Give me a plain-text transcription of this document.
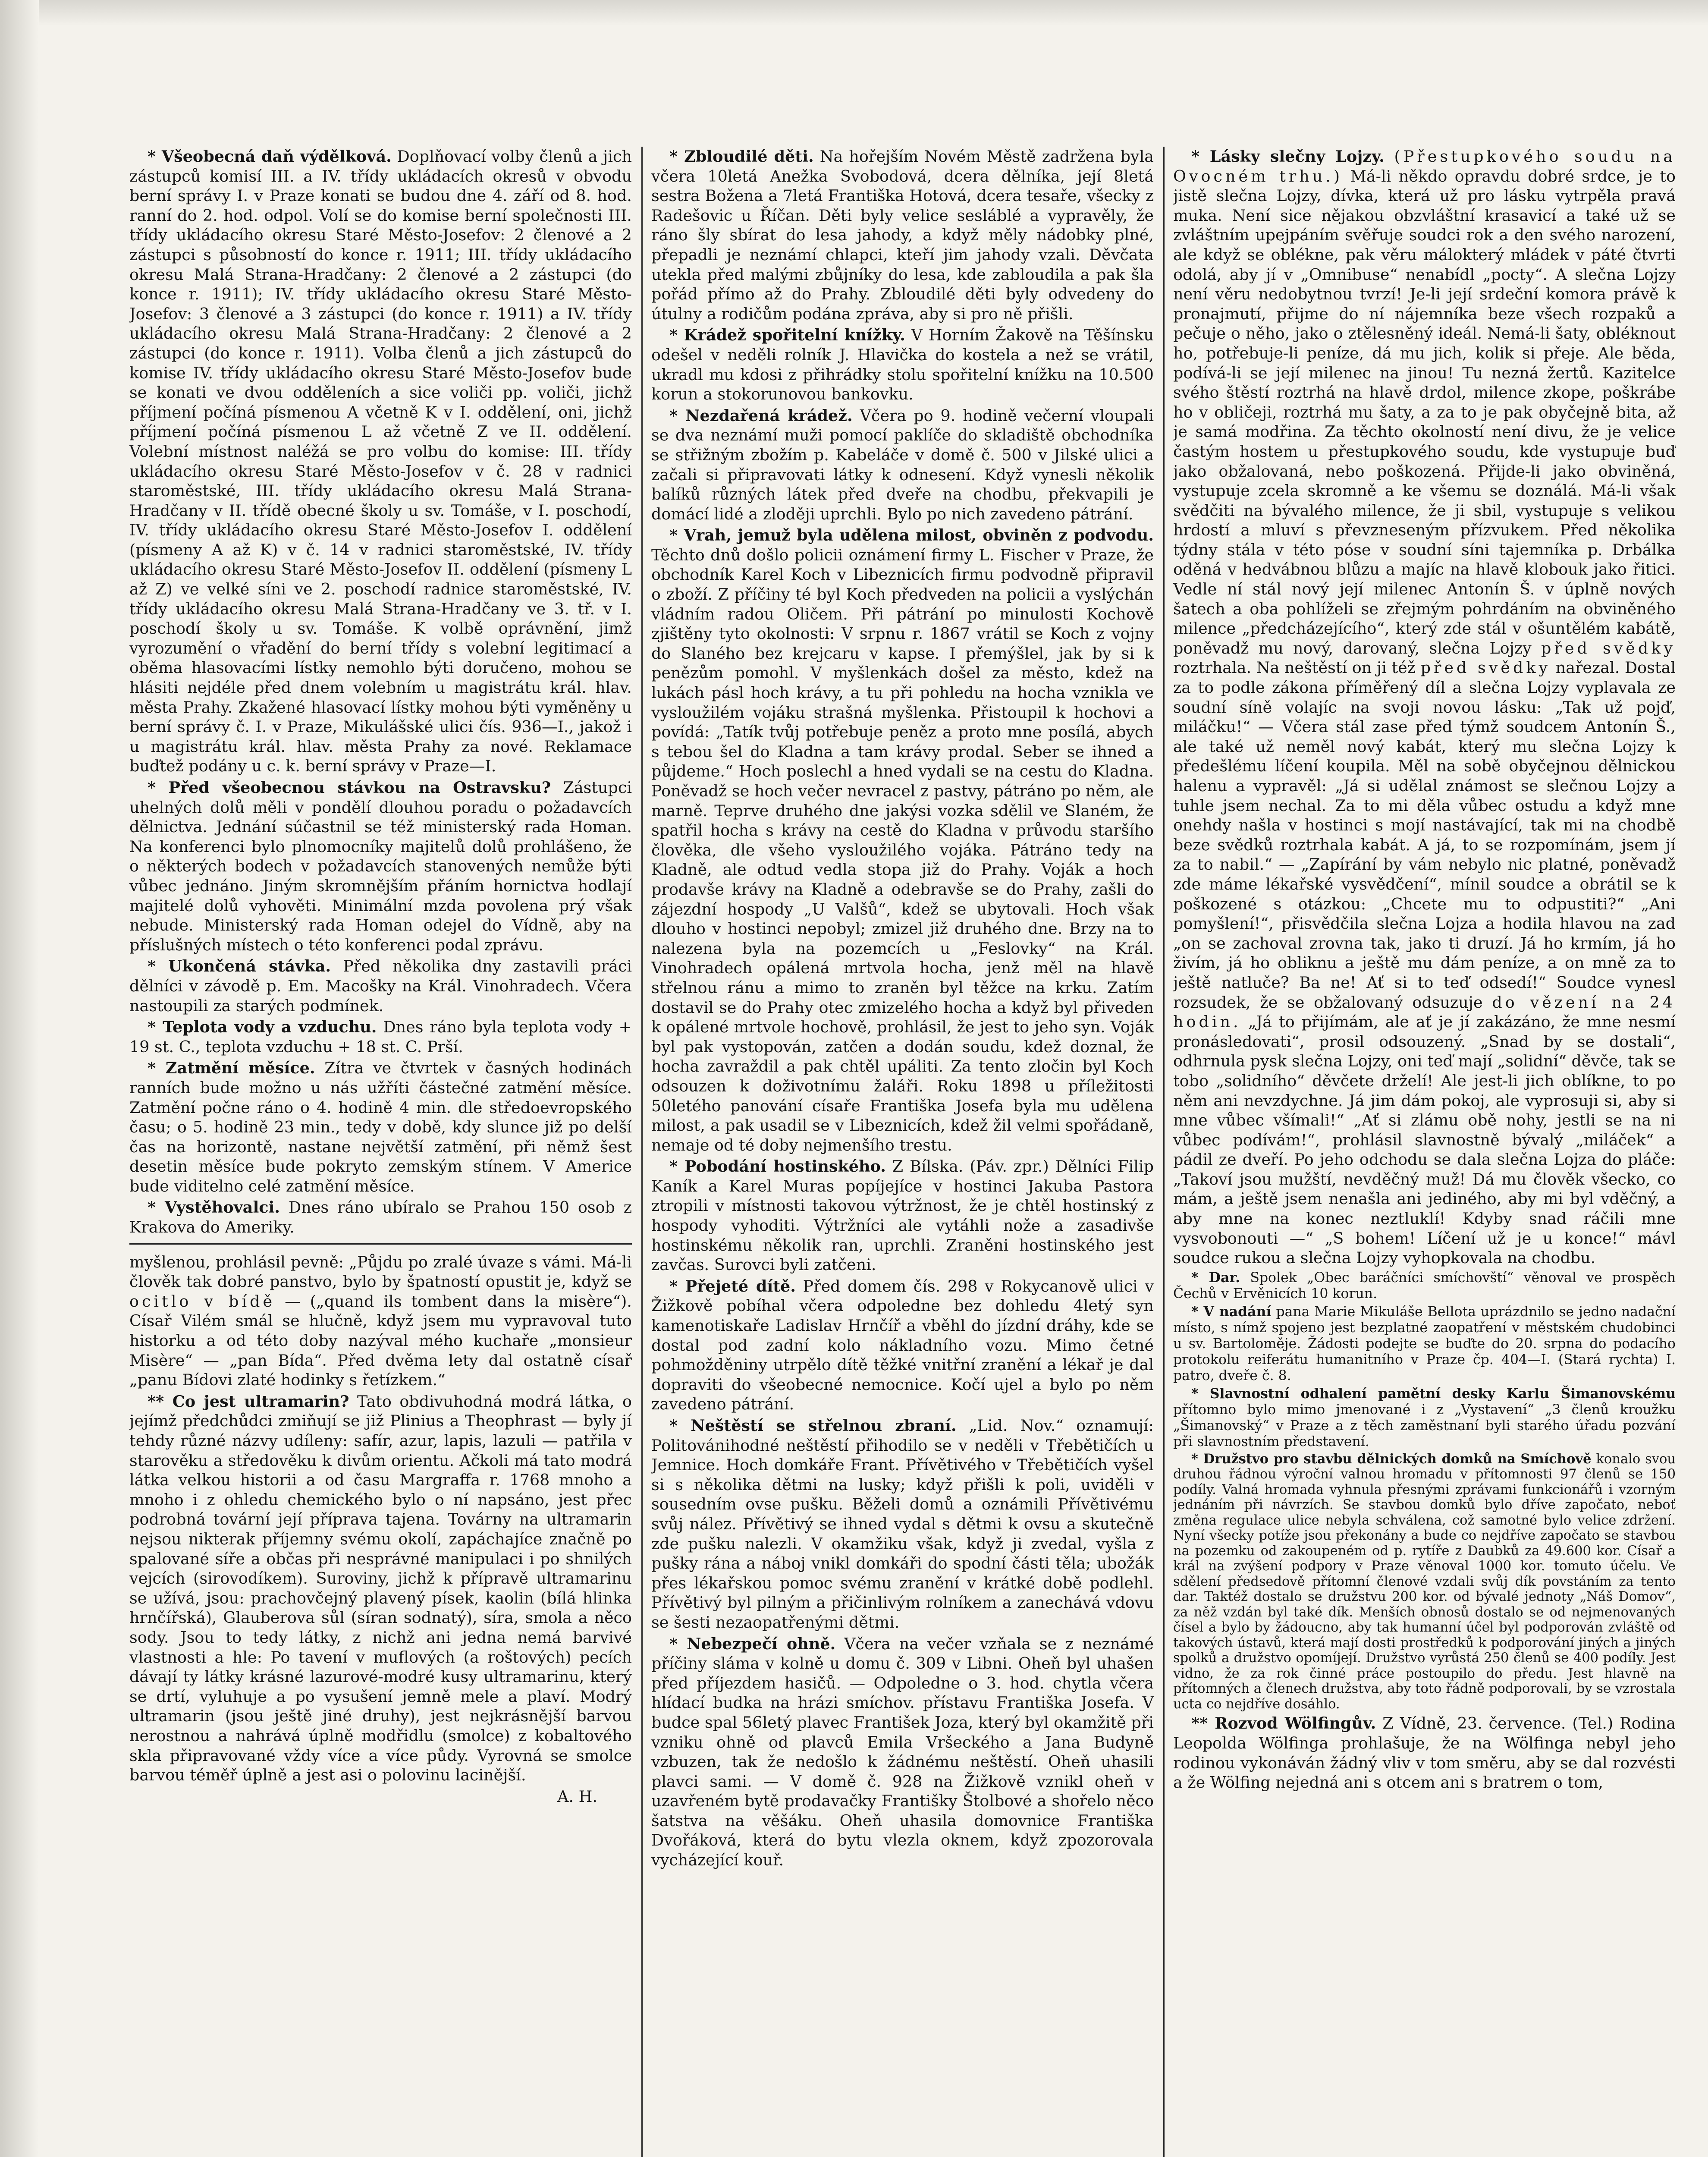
* Všeobecná daň výdělková. Doplňovací volby členů a jich zástupců komisí III. a IV. třídy ukládacích okresů v obvodu berní správy I. v Praze konati se budou dne 4. září od 8. hod. ranní do 2. hod. odpol. Volí se do komise berní společnosti III. třídy ukládacího okresu Staré Město-Josefov: 2 členové a 2 zástupci s působností do konce r. 1911; III. třídy ukládacího okresu Malá Strana-Hradčany: 2 členové a 2 zástupci (do konce r. 1911); IV. třídy ukládacího okresu Staré Město-Josefov: 3 členové a 3 zástupci (do konce r. 1911) a IV. třídy ukládacího okresu Malá Strana-Hradčany: 2 členové a 2 zástupci (do konce r. 1911). Volba členů a jich zástupců do komise IV. třídy ukládacího okresu Staré Město-Josefov bude se konati ve dvou odděleních a sice voliči pp. voliči, jichž příjmení počíná písmenou A včetně K v I. oddělení, oni, jichž příjmení počíná písmenou L až včetně Z ve II. oddělení. Volební místnost naléžá se pro volbu do komise: III. třídy ukládacího okresu Staré Město-Josefov v č. 28 v radnici staroměstské, III. třídy ukládacího okresu Malá Strana-Hradčany v II. třídě obecné školy u sv. Tomáše, v I. poschodí, IV. třídy ukládacího okresu Staré Město-Josefov I. oddělení (písmeny A až K) v č. 14 v radnici staroměstské, IV. třídy ukládacího okresu Staré Město-Josefov II. oddělení (písmeny L až Z) ve velké síni ve 2. poschodí radnice staroměstské, IV. třídy ukládacího okresu Malá Strana-Hradčany ve 3. tř. v I. poschodí školy u sv. Tomáše. K volbě oprávnění, jimž vyrozumění o vřadění do berní třídy s volební legitimací a oběma hlasovacími lístky nemohlo býti doručeno, mohou se hlásiti nejdéle před dnem volebním u magistrátu král. hlav. města Prahy. Zkažené hlasovací lístky mohou býti vyměněny u berní správy č. I. v Praze, Mikulášské ulici čís. 936—I., jakož i u magistrátu král. hlav. města Prahy za nové. Reklamace buďtež podány u c. k. berní správy v Praze—I.

* Před všeobecnou stávkou na Ostravsku? Zástupci uhelných dolů měli v pondělí dlouhou poradu o požadavcích dělnictva. Jednání súčastnil se též ministerský rada Homan. Na konferenci bylo plnomocníky majitelů dolů prohlášeno, že o některých bodech v požadavcích stanovených nemůže býti vůbec jednáno. Jiným skromnějším přáním hornictva hodlají majitelé dolů vyhověti. Minimální mzda povolena prý však nebude. Ministerský rada Homan odejel do Vídně, aby na příslušných místech o této konferenci podal zprávu.

* Ukončená stávka. Před několika dny zastavili práci dělníci v závodě p. Em. Macošky na Král. Vinohradech. Včera nastoupili za starých podmínek.

* Teplota vody a vzduchu. Dnes ráno byla teplota vody + 19 st. C., teplota vzduchu + 18 st. C. Prší.

* Zatmění měsíce. Zítra ve čtvrtek v časných hodinách ranních bude možno u nás užříti částečné zatmění měsíce. Zatmění počne ráno o 4. hodině 4 min. dle středoevropského času; o 5. hodině 23 min., tedy v době, kdy slunce již po delší čas na horizontě, nastane největší zatmění, při němž šest desetin měsíce bude pokryto zemským stínem. V Americe bude viditelno celé zatmění měsíce.

* Vystěhovalci. Dnes ráno ubíralo se Prahou 150 osob z Krakova do Ameriky.

myšlenou, prohlásil pevně: „Půjdu po zralé úvaze s vámi. Má-li člověk tak dobré panstvo, bylo by špatností opustit je, když se ocitlo v bídě — („quand ils tombent dans la misère“). Císař Vilém smál se hlučně, když jsem mu vypravoval tuto historku a od této doby nazýval mého kuchaře „monsieur Misère“ — „pan Bída“. Před dvěma lety dal ostatně císař „panu Bídovi zlaté hodinky s řetízkem.“

** Co jest ultramarin? Tato obdivuhodná modrá látka, o jejímž předchůdci zmiňují se již Plinius a Theophrast — byly jí tehdy různé názvy udíleny: safír, azur, lapis, lazuli — patřila v starověku a středověku k divům orientu. Ačkoli má tato modrá látka velkou historii a od času Margraffa r. 1768 mnoho a mnoho i z ohledu chemického bylo o ní napsáno, jest přec podrobná tovární její příprava tajena. Továrny na ultramarin nejsou nikterak příjemny svému okolí, zapáchajíce značně po spalované síře a občas při nesprávné manipulaci i po shnilých vejcích (sirovodíkem). Suroviny, jichž k přípravě ultramarinu se užívá, jsou: prachovčejný plavený písek, kaolin (bílá hlinka hrnčířská), Glauberova sůl (síran sodnatý), síra, smola a něco sody. Jsou to tedy látky, z nichž ani jedna nemá barvivé vlastnosti a hle: Po tavení v muflových (a roštových) pecích dávají ty látky krásné lazurové-modré kusy ultramarinu, který se drtí, vyluhuje a po vysušení jemně mele a plaví. Modrý ultramarin (jsou ještě jiné druhy), jest nejkrásnější barvou nerostnou a nahrává úplně modřidlu (smolce) z kobaltového skla připravované vždy více a více půdy. Vyrovná se smolce barvou téměř úplně a jest asi o polovinu lacinější.

A. H.

* Zbloudilé děti. Na hořejším Novém Městě zadržena byla včera 10letá Anežka Svobodová, dcera dělníka, její 8letá sestra Božena a 7letá Františka Hotová, dcera tesaře, všecky z Radešovic u Říčan. Děti byly velice sesláblé a vypravěly, že ráno šly sbírat do lesa jahody, a když měly nádobky plné, přepadli je neznámí chlapci, kteří jim jahody vzali. Děvčata utekla před malými zbůjníky do lesa, kde zabloudila a pak šla pořád přímo až do Prahy. Zbloudilé děti byly odvedeny do útulny a rodičům podána zpráva, aby si pro ně přišli.

* Krádež spořitelní knížky. V Horním Žakově na Těšínsku odešel v neděli rolník J. Hlavička do kostela a než se vrátil, ukradl mu kdosi z přihrádky stolu spořitelní knížku na 10.500 korun a stokorunovou bankovku.

* Nezdařená krádež. Včera po 9. hodině večerní vloupali se dva neznámí muži pomocí paklíče do skladiště obchodníka se střižným zbožím p. Kabeláče v domě č. 500 v Jilské ulici a začali si připravovati látky k odnesení. Když vynesli několik balíků různých látek před dveře na chodbu, překvapili je domácí lidé a zloději uprchli. Bylo po nich zavedeno pátrání.

* Vrah, jemuž byla udělena milost, obviněn z podvodu. Těchto dnů došlo policii oznámení firmy L. Fischer v Praze, že obchodník Karel Koch v Libeznicích firmu podvodně připravil o zboží. Z příčiny té byl Koch předveden na policii a vyslýchán vládním radou Oličem. Při pátrání po minulosti Kochově zjištěny tyto okolnosti: V srpnu r. 1867 vrátil se Koch z vojny do Slaného bez krejcaru v kapse. I přemýšlel, jak by si k penězům pomohl. V myšlenkách došel za město, kdež na lukách pásl hoch krávy, a tu při pohledu na hocha vznikla ve vysloužilém vojáku strašná myšlenka. Přistoupil k hochovi a povídá: „Tatík tvůj potřebuje peněz a proto mne posílá, abych s tebou šel do Kladna a tam krávy prodal. Seber se ihned a půjdeme.“ Hoch poslechl a hned vydali se na cestu do Kladna. Poněvadž se hoch večer nevracel z pastvy, pátráno po něm, ale marně. Teprve druhého dne jakýsi vozka sdělil ve Slaném, že spatřil hocha s krávy na cestě do Kladna v průvodu staršího člověka, dle všeho vysloužilého vojáka. Pátráno tedy na Kladně, ale odtud vedla stopa již do Prahy. Voják a hoch prodavše krávy na Kladně a odebravše se do Prahy, zašli do zájezdní hospody „U Valšů“, kdež se ubytovali. Hoch však dlouho v hostinci nepobyl; zmizel již druhého dne. Brzy na to nalezena byla na pozemcích u „Feslovky“ na Král. Vinohradech opálená mrtvola hocha, jenž měl na hlavě střelnou ránu a mimo to zraněn byl těžce na krku. Zatím dostavil se do Prahy otec zmizelého hocha a když byl přiveden k opálené mrtvole hochově, prohlásil, že jest to jeho syn. Voják byl pak vystopován, zatčen a dodán soudu, kdež doznal, že hocha zavraždil a pak chtěl upáliti. Za tento zločin byl Koch odsouzen k doživotnímu žaláři. Roku 1898 u příležitosti 50letého panování císaře Františka Josefa byla mu udělena milost, a pak usadil se v Libeznicích, kdež žil velmi spořádaně, nemaje od té doby nejmenšího trestu.

* Pobodání hostinského. Z Bílska. (Páv. zpr.) Dělníci Filip Kaník a Karel Muras popíjejíce v hostinci Jakuba Pastora ztropili v místnosti takovou výtržnost, že je chtěl hostinský z hospody vyhoditi. Výtržníci ale vytáhli nože a zasadivše hostinskému několik ran, uprchli. Zraněni hostinského jest zavčas. Surovci byli zatčeni.

* Přejeté dítě. Před domem čís. 298 v Rokycanově ulici v Žižkově pobíhal včera odpoledne bez dohledu 4letý syn kamenotiskaře Ladislav Hrnčíř a vběhl do jízdní dráhy, kde se dostal pod zadní kolo nákladního vozu. Mimo četné pohmožděniny utrpělo dítě těžké vnitřní zranění a lékař je dal dopraviti do všeobecné nemocnice. Kočí ujel a bylo po něm zavedeno pátrání.

* Neštěstí se střelnou zbraní. „Lid. Nov.“ oznamují: Politovánihodné neštěstí přihodilo se v neděli v Třebětičích u Jemnice. Hoch domkáře Frant. Přívětivého v Třebětičích vyšel si s několika dětmi na lusky; když přišli k poli, uviděli v sousedním ovse pušku. Běželi domů a oznámili Přívětivému svůj nález. Přívětivý se ihned vydal s dětmi k ovsu a skutečně zde pušku nalezli. V okamžiku však, když ji zvedal, vyšla z pušky rána a náboj vnikl domkáři do spodní části těla; ubožák přes lékařskou pomoc svému zranění v krátké době podlehl. Přívětivý byl pilným a přičinlivým rolníkem a zanechává vdovu se šesti nezaopatřenými dětmi.

* Nebezpečí ohně. Včera na večer vzňala se z neznámé příčiny sláma v kolně u domu č. 309 v Libni. Oheň byl uhašen před příjezdem hasičů. — Odpoledne o 3. hod. chytla včera hlídací budka na hrázi smíchov. přístavu Františka Josefa. V budce spal 56letý plavec František Joza, který byl okamžitě při vzniku ohně od plavců Emila Vršeckého a Jana Budyně vzbuzen, tak že nedošlo k žádnému neštěstí. Oheň uhasili plavci sami. — V domě č. 928 na Žižkově vznikl oheň v uzavřeném bytě prodavačky Františky Štolbové a shořelo něco šatstva na věšáku. Oheň uhasila domovnice Františka Dvořáková, která do bytu vlezla oknem, když zpozorovala vycházející kouř.

* Lásky slečny Lojzy. (Přestupkového soudu na Ovocném trhu.) Má-li někdo opravdu dobré srdce, je to jistě slečna Lojzy, dívka, která už pro lásku vytrpěla pravá muka. Není sice nějakou obzvláštní krasavicí a také už se zvláštním upejpáním svěřuje soudci rok a den svého narození, ale když se oblékne, pak věru málokterý mládek v páté čtvrti odolá, aby jí v „Omnibuse“ nenabídl „pocty“. A slečna Lojzy není věru nedobytnou tvrzí! Je-li její srdeční komora právě k pronajmutí, přijme do ní nájemníka beze všech rozpaků a pečuje o něho, jako o ztělesněný ideál. Nemá-li šaty, obléknout ho, potřebuje-li peníze, dá mu jich, kolik si přeje. Ale běda, podívá-li se její milenec na jinou! Tu nezná žertů. Kazitelce svého štěstí roztrhá na hlavě drdol, milence zkope, poškrábe ho v obličeji, roztrhá mu šaty, a za to je pak obyčejně bita, až je samá modřina. Za těchto okolností není divu, že je velice častým hostem u přestupkového soudu, kde vystupuje buď jako obžalovaná, nebo poškozená. Přijde-li jako obviněná, vystupuje zcela skromně a ke všemu se doználá. Má-li však svědčiti na bývalého milence, že ji sbil, vystupuje s velikou hrdostí a mluví s převzneseným přízvukem. Před několika týdny stála v této póse v soudní síni tajemníka p. Drbálka oděná v hedvábnou blůzu a majíc na hlavě klobouk jako řitici. Vedle ní stál nový její milenec Antonín Š. v úplně nových šatech a oba pohlíželi se zřejmým pohrdáním na obviněného milence „předcházejícího“, který zde stál v ošuntělém kabátě, poněvadž mu nový, darovaný, slečna Lojzy před svědky roztrhala. Na neštěstí on ji též před svědky nařezal. Dostal za to podle zákona příměřený díl a slečna Lojzy vyplavala ze soudní síně volajíc na svoji novou lásku: „Tak už pojď, miláčku!“ — Včera stál zase před týmž soudcem Antonín Š., ale také už neměl nový kabát, který mu slečna Lojzy k předešlému líčení koupila. Měl na sobě obyčejnou dělnickou halenu a vypravěl: „Já si udělal známost se slečnou Lojzy a tuhle jsem nechal. Za to mi děla vůbec ostudu a když mne onehdy našla v hostinci s mojí nastávající, tak mi na chodbě beze svědků roztrhala kabát. A já, to se rozpomínám, jsem jí za to nabil.“ — „Zapírání by vám nebylo nic platné, poněvadž zde máme lékařské vysvědčení“, mínil soudce a obrátil se k poškozené s otázkou: „Chcete mu to odpustiti?“ „Ani pomyšlení!“, přisvědčila slečna Lojza a hodila hlavou na zad „on se zachoval zrovna tak, jako ti druzí. Já ho krmím, já ho živím, já ho obliknu a ještě mu dám peníze, a on mně za to ještě natluče? Ba ne! Ať si to teď odsedí!“ Soudce vynesl rozsudek, že se obžalovaný odsuzuje do vězení na 24 hodin. „Já to přijímám, ale ať je jí zakázáno, že mne nesmí pronásledovati“, prosil odsouzený. „Snad by se dostali“, odhrnula pysk slečna Lojzy, oni teď mají „solidní“ děvče, tak se tobo „solidního“ děvčete drželí! Ale jest-li jich oblíkne, to po něm ani nevzdychne. Já jim dám pokoj, ale vyprosuji si, aby si mne vůbec všímali!“ „Ať si zlámu obě nohy, jestli se na ni vůbec podívám!“, prohlásil slavnostně bývalý „miláček“ a pádil ze dveří. Po jeho odchodu se dala slečna Lojza do pláče: „Takoví jsou mužští, nevděčný muž! Dá mu člověk všecko, co mám, a ještě jsem nenašla ani jediného, aby mi byl vděčný, a aby mne na konec neztluklí! Kdyby snad ráčili mne vysvobonouti —“ „S bohem! Líčení už je u konce!“ mávl soudce rukou a slečna Lojzy vyhopkovala na chodbu.

* Dar. Spolek „Obec baráčníci smíchovští“ věnoval ve prospěch Čechů v Ervěnicích 10 korun.

* V nadání pana Marie Mikuláše Bellota uprázdnilo se jedno nadační místo, s nímž spojeno jest bezplatné zaopatření v městském chudobinci u sv. Bartoloměje. Žádosti podejte se buďte do 20. srpna do podacího protokolu reiferátu humanitního v Praze čp. 404—I. (Stará rychta) I. patro, dveře č. 8.

* Slavnostní odhalení pamětní desky Karlu Šimanovskému přítomno bylo mimo jmenované i z „Vystavení“ „3 členů kroužku „Šimanovský“ v Praze a z těch zaměstnaní byli starého úřadu pozvání při slavnostním představení.

* Družstvo pro stavbu dělnických domků na Smíchově konalo svou druhou řádnou výroční valnou hromadu v přítomnosti 97 členů se 150 podíly. Valná hromada vyhnula přesnými zprávami funkcionářů i vzorným jednáním při návrzích. Se stavbou domků bylo dříve započato, neboť změna regulace ulice nebyla schválena, což samotné bylo velice zdržení. Nyní všecky potíže jsou překonány a bude co nejdříve započato se stavbou na pozemku od zakoupeném od p. rytíře z Daubků za 49.600 kor. Císař a král na zvýšení podpory v Praze věnoval 1000 kor. tomuto účelu. Ve sdělení předsedově přítomní členové vzdali svůj dík povstáním za tento dar. Taktéž dostalo se družstvu 200 kor. od bývalé jednoty „Náš Domov“, za něž vzdán byl také dík. Menších obnosů dostalo se od nejmenovaných čísel a bylo by žádoucno, aby tak humanní účel byl podporován zvláště od takových ústavů, která mají dosti prostředků k podporování jiných a jiných spolků a družstvo opomíjejí. Družstvo vyrůstá 250 členů se 400 podíly. Jest vidno, že za rok činné práce postoupilo do předu. Jest hlavně na přítomných a členech družstva, aby toto řádně podporovali, by se vzrostala ucta co nejdříve dosáhlo.

** Rozvod Wölfingův. Z Vídně, 23. července. (Tel.) Rodina Leopolda Wölfinga prohlašuje, že na Wölfinga nebyl jeho rodinou vykonáván žádný vliv v tom směru, aby se dal rozvésti a že Wölfing nejedná ani s otcem ani s bratrem o tom,
